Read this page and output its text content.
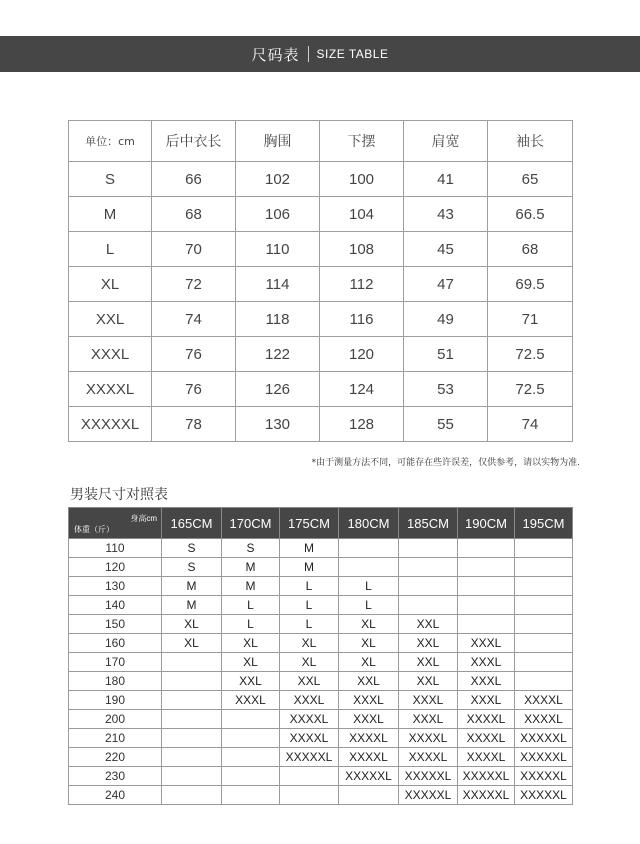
尺码表 SIZE TABLE
单位：cm	后中衣长	胸围	下摆	肩宽	袖长
S	66	102	100	41	65
M	68	106	104	43	66.5
L	70	110	108	45	68
XL	72	114	112	47	69.5
XXL	74	118	116	49	71
XXXL	76	122	120	51	72.5
XXXXL	76	126	124	53	72.5
XXXXXL	78	130	128	55	74
*由于测量方法不同，可能存在些许误差，仅供参考，请以实物为准.
男装尺寸对照表
身高cm
体重（斤）	165CM	170CM	175CM	180CM	185CM	190CM	195CM
110	S	S	M				
120	S	M	M				
130	M	M	L	L			
140	M	L	L	L			
150	XL	L	L	XL	XXL		
160	XL	XL	XL	XL	XXL	XXXL	
170		XL	XL	XL	XXL	XXXL	
180		XXL	XXL	XXL	XXL	XXXL	
190		XXXL	XXXL	XXXL	XXXL	XXXL	XXXXL
200			XXXXL	XXXL	XXXL	XXXXL	XXXXL
210			XXXXL	XXXXL	XXXXL	XXXXL	XXXXXL
220			XXXXXL	XXXXL	XXXXL	XXXXL	XXXXXL
230				XXXXXL	XXXXXL	XXXXXL	XXXXXL
240					XXXXXL	XXXXXL	XXXXXL
